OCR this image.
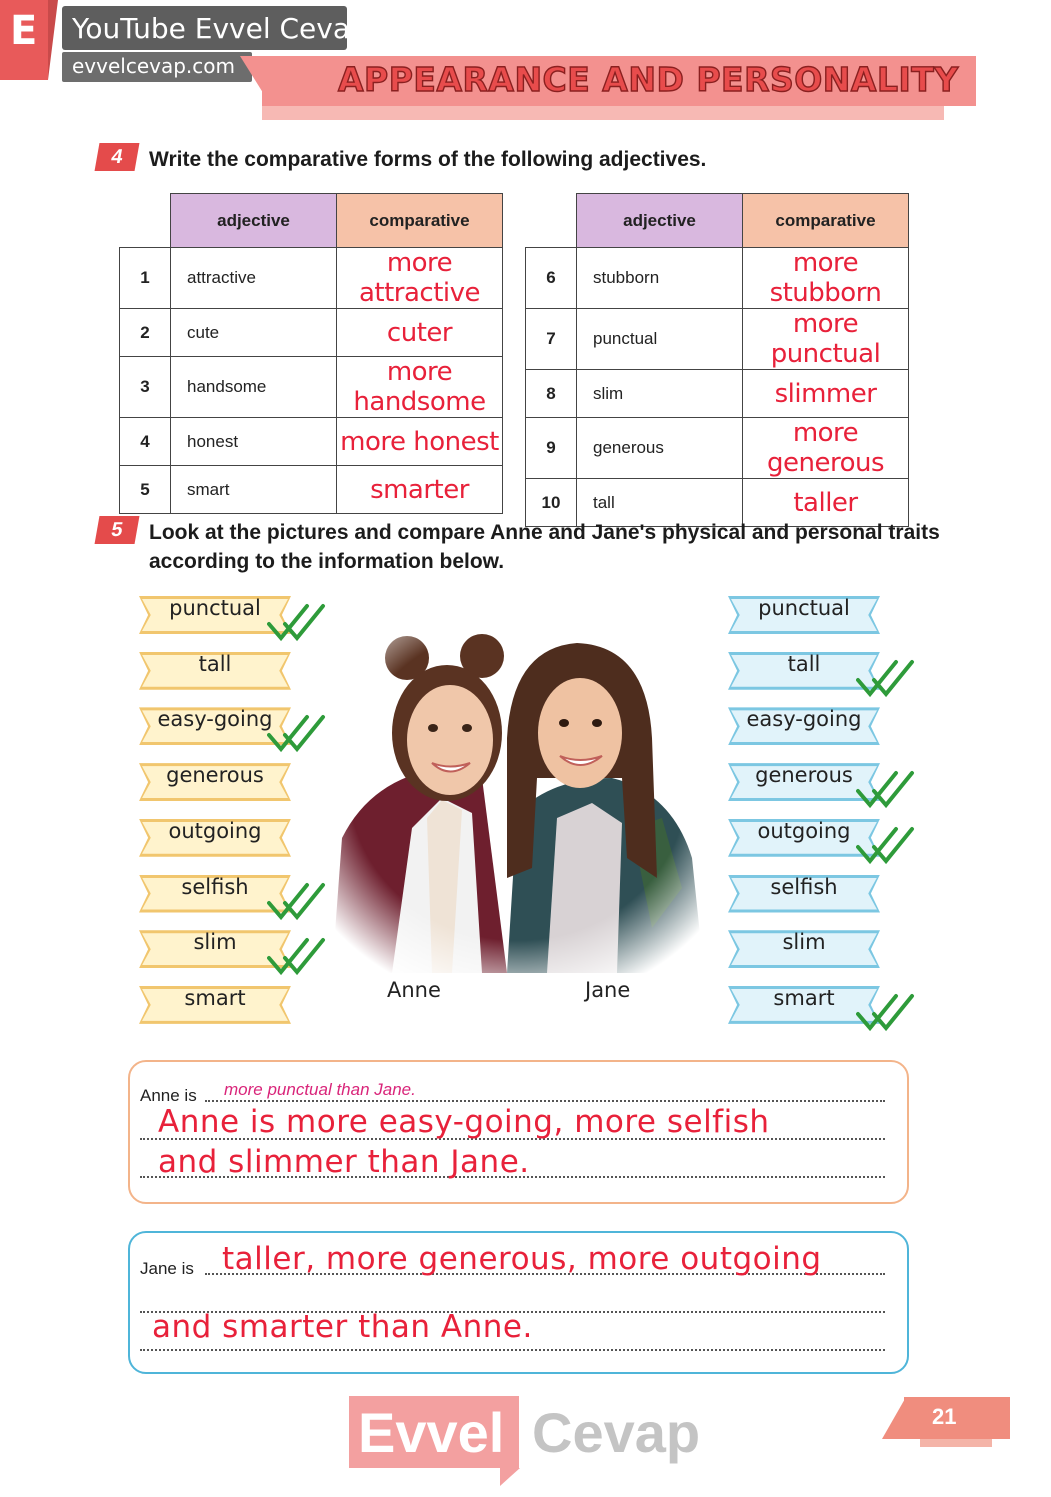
E YouTube Evvel Cevap
evvelcevap.com	APPEARANCE AND PERSONALITY
4	Write the comparative forms of the following adjectives.
	adjective	comparative
1	attractive	more attractive
2	cute	cuter
3	handsome	more handsome
4	honest	more honest
5	smart	smarter
	adjective	comparative
6	stubborn	more stubborn
7	punctual	more punctual
8	slim	slimmer
9	generous	more generous
10	tall	taller
5	Look at the pictures and compare Anne and Jane's physical and personal traits
according to the information below.
punctual
tall
easy-going
generous
outgoing
selfish
slim
smart
punctual
tall
easy-going
generous
outgoing
selfish
slim
smart
Anne	Jane
Anne is more punctual than Jane.
Anne is more easy-going, more selfish
and slimmer than Jane.
Jane is taller, more generous, more outgoing
and smarter than Anne.
Evvel Cevap	21
